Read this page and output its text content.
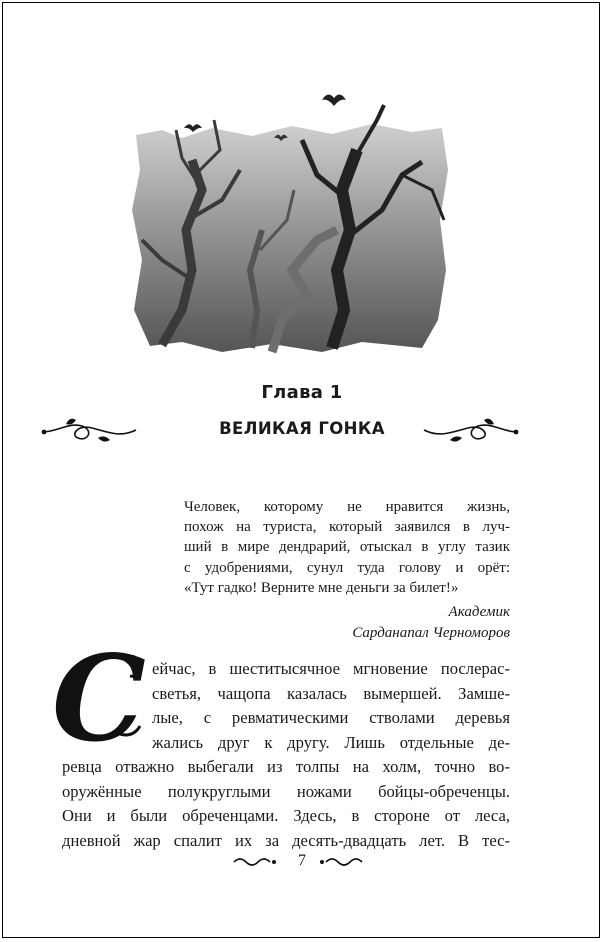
Глава 1
ВЕЛИКАЯ ГОНКА
Человек, которому не нравится жизнь,
похож на туриста, который заявился в луч-
ший в мире дендрарий, отыскал в углу тазик
с удобрениями, сунул туда голову и орёт:
«Тут гадко! Верните мне деньги за билет!»
Академик
Сарданапал Черноморов
С ейчас, в шеститысячное мгновение послерас-
светья, чащопа казалась вымершей. Замше-
лые, с ревматическими стволами деревья
жались друг к другу. Лишь отдельные де-
ревца отважно выбегали из толпы на холм, точно во-
оружённые полукруглыми ножами бойцы-обреченцы.
Они и были обреченцами. Здесь, в стороне от леса,
дневной жар спалит их за десять-двадцать лет. В тес-
7
